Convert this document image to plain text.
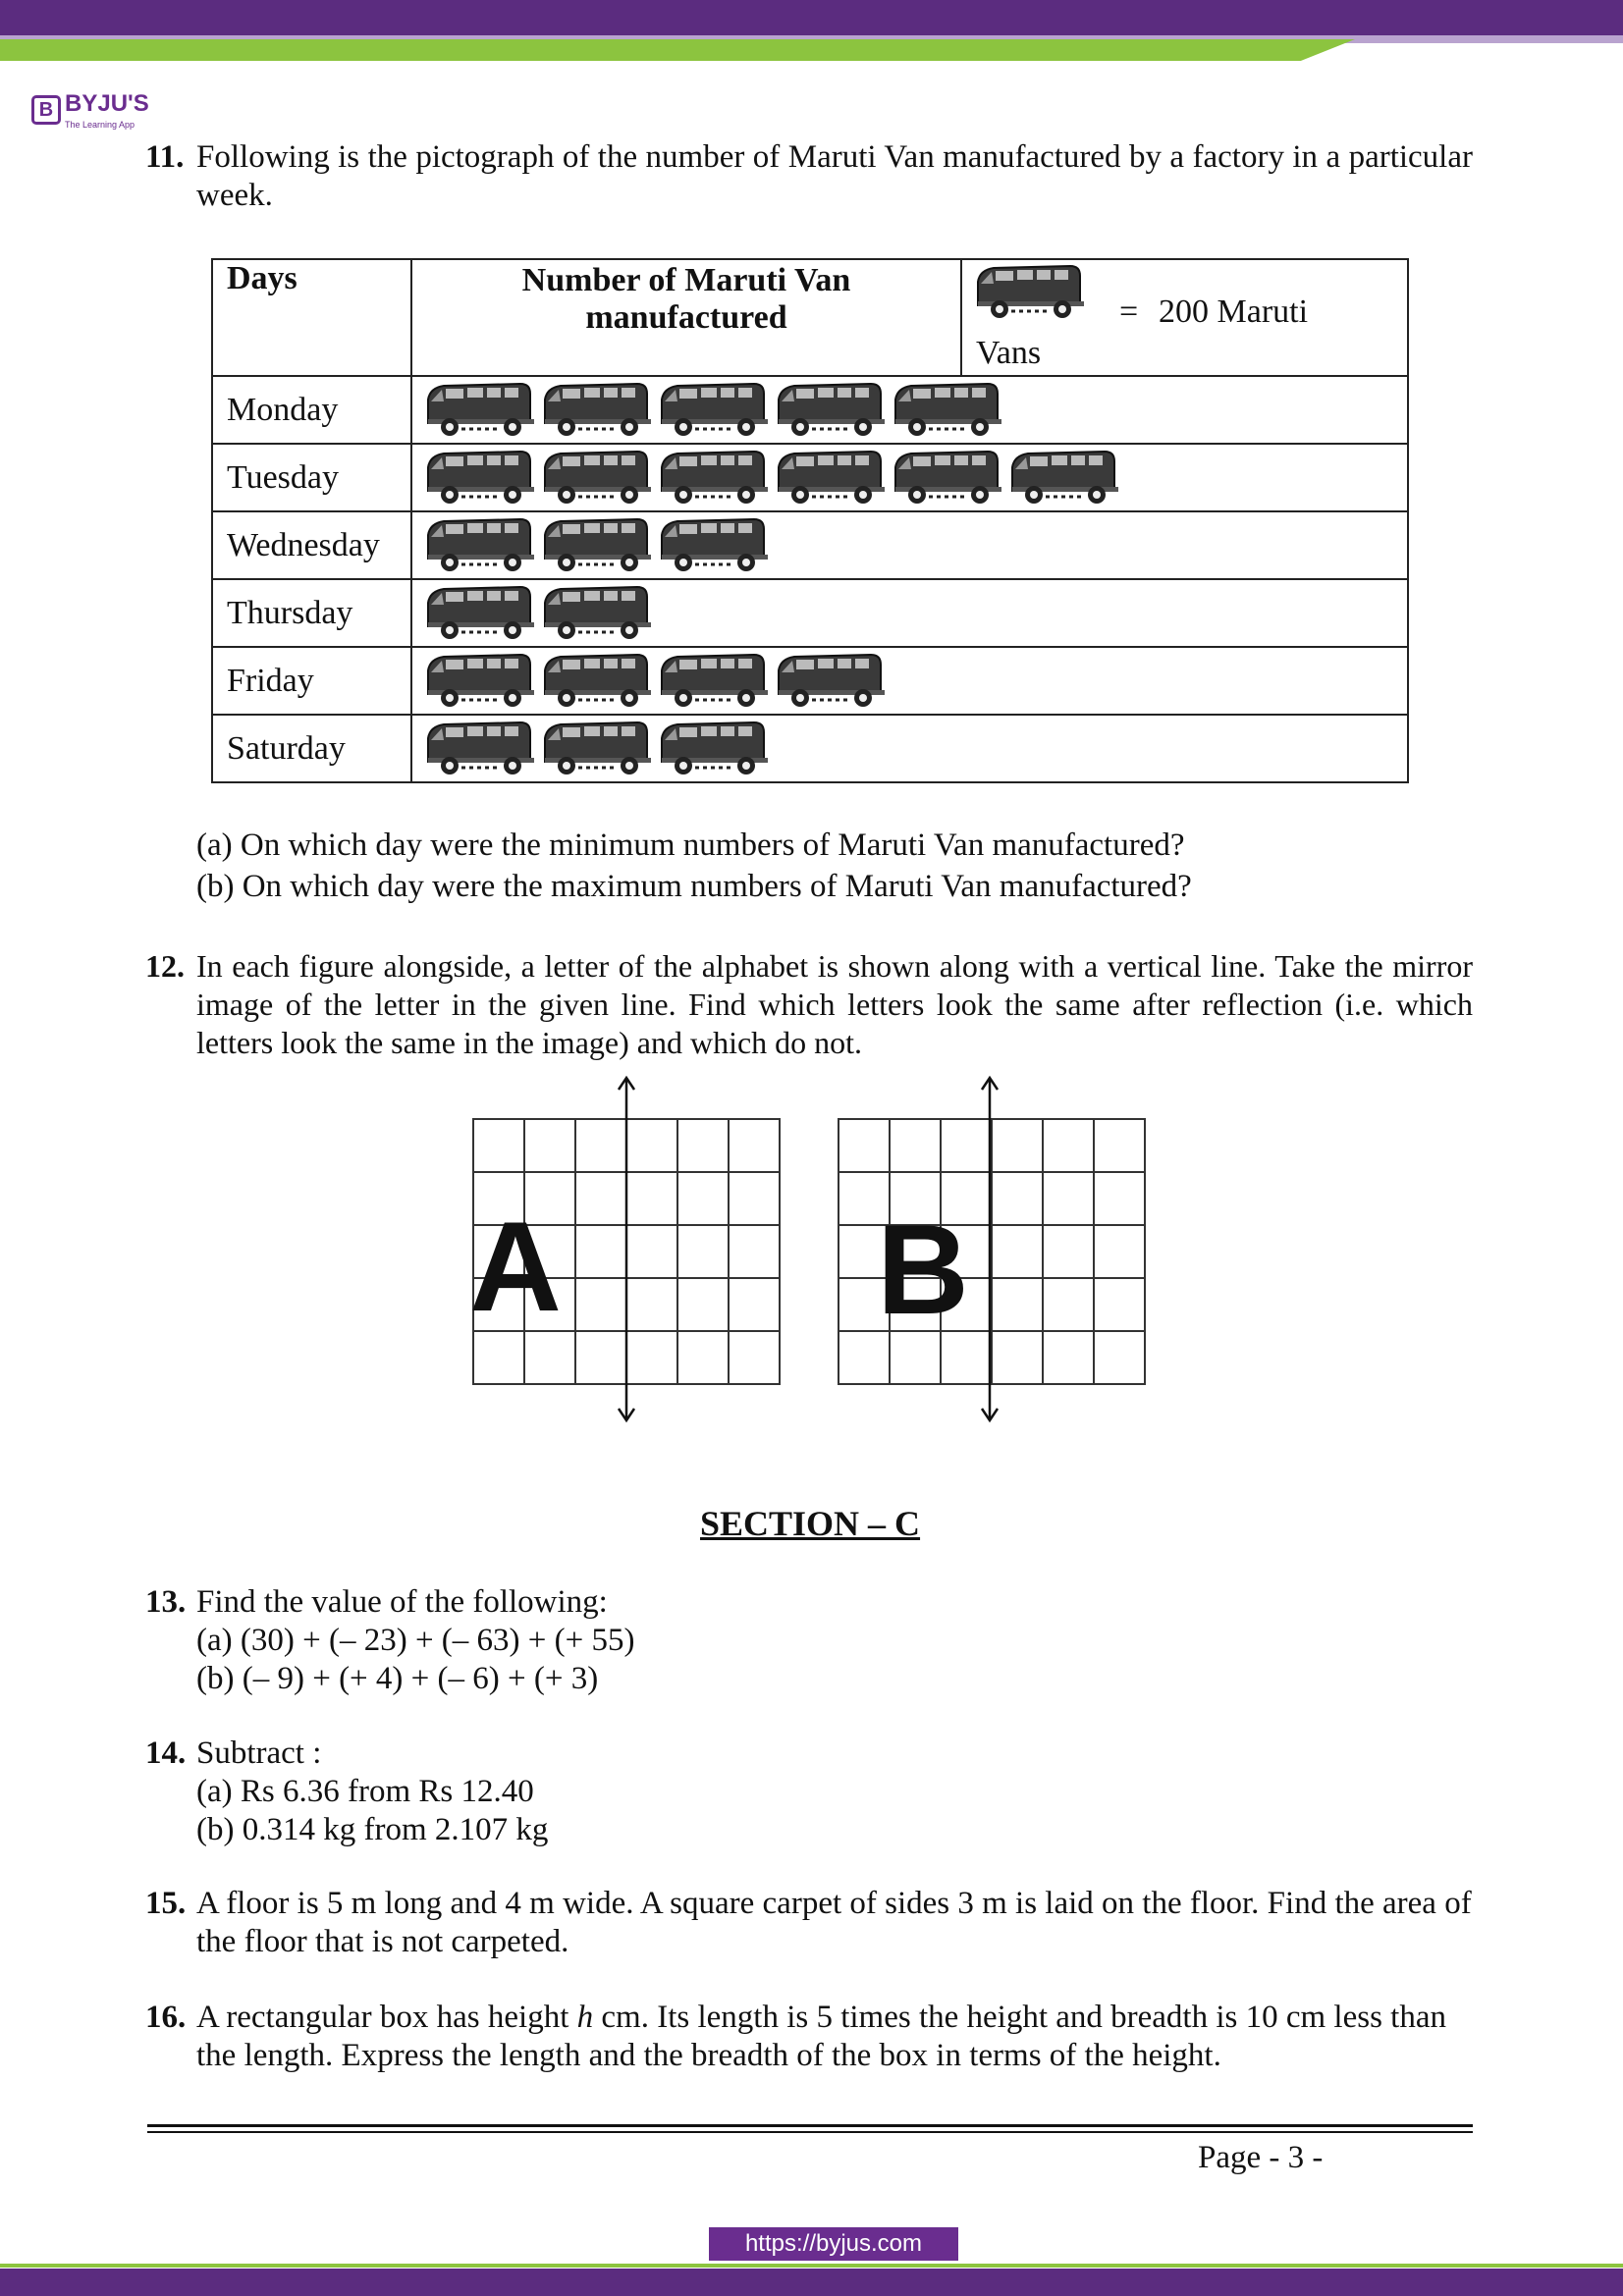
B BYJU'S
The Learning App
11. Following is the pictograph of the number of Maruti Van manufactured by a factory in a particular week.
Days	Number of Maruti Van manufactured	= 200 Maruti
Vans

Monday	

Tuesday	

Wednesday	

Thursday	

Friday	

Saturday	

(a) On which day were the minimum numbers of Maruti Van manufactured?

(b) On which day were the maximum numbers of Maruti Van manufactured?

12. In each figure alongside, a letter of the alphabet is shown along with a vertical line. Take the mirror image of the letter in the given line. Find which letters look the same after reflection (i.e. which letters look the same in the image) and which do not.
A B
SECTION – C
13. Find the value of the following:

(a) (30) + (– 23) + (– 63) + (+ 55)

(b) (– 9) + (+ 4) + (– 6) + (+ 3)

14. Subtract :

(a) Rs 6.36 from Rs 12.40

(b) 0.314 kg from 2.107 kg

15. A floor is 5 m long and 4 m wide. A square carpet of sides 3 m is laid on the floor. Find the area of the floor that is not carpeted.
16. A rectangular box has height h cm. Its length is 5 times the height and breadth is 10 cm less than the length. Express the length and the breadth of the box in terms of the height.
Page - 3 -
https://byjus.com
